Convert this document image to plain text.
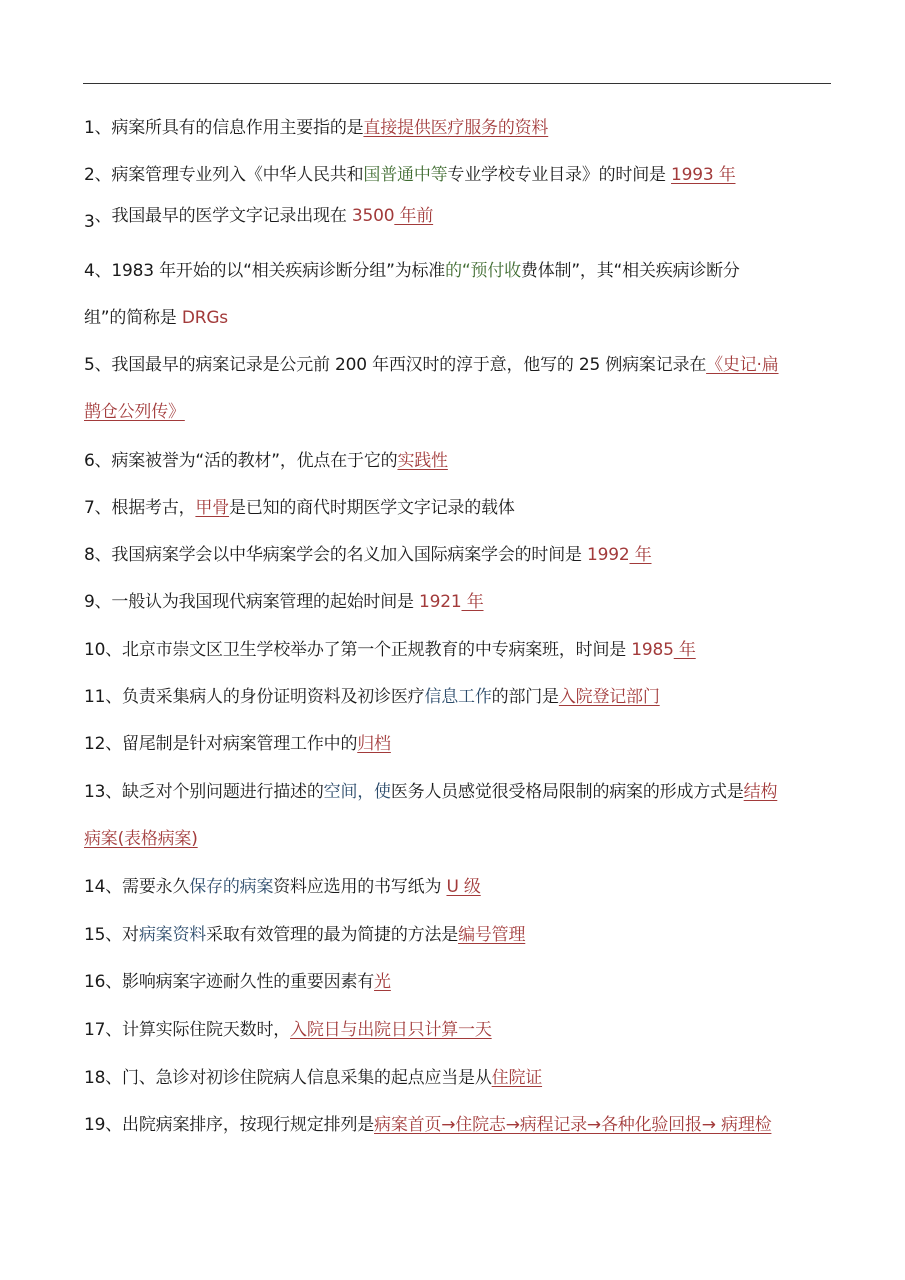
1、病案所具有的信息作用主要指的是直接提供医疗服务的资料
2、病案管理专业列入《中华人民共和国普通中等专业学校专业目录》的时间是 1993 年
3、我国最早的医学文字记录出现在 3500 年前
4、1983 年开始的以“相关疾病诊断分组”为标准的“预付收费体制”，其“相关疾病诊断分
组”的简称是 DRGs
5、我国最早的病案记录是公元前 200 年西汉时的淳于意，他写的 25 例病案记录在《史记·扁
鹊仓公列传》
6、病案被誉为“活的教材”，优点在于它的实践性
7、根据考古，甲骨是已知的商代时期医学文字记录的载体
8、我国病案学会以中华病案学会的名义加入国际病案学会的时间是 1992 年
9、一般认为我国现代病案管理的起始时间是 1921 年
10、北京市崇文区卫生学校举办了第一个正规教育的中专病案班，时间是 1985 年
11、负责采集病人的身份证明资料及初诊医疗信息工作的部门是入院登记部门
12、留尾制是针对病案管理工作中的归档
13、缺乏对个别问题进行描述的空间，使医务人员感觉很受格局限制的病案的形成方式是结构
病案(表格病案)
14、需要永久保存的病案资料应选用的书写纸为 U 级
15、对病案资料采取有效管理的最为简捷的方法是编号管理
16、影响病案字迹耐久性的重要因素有光
17、计算实际住院天数时，入院日与出院日只计算一天
18、门、急诊对初诊住院病人信息采集的起点应当是从住院证
19、出院病案排序，按现行规定排列是病案首页→住院志→病程记录→各种化验回报→ 病理检
